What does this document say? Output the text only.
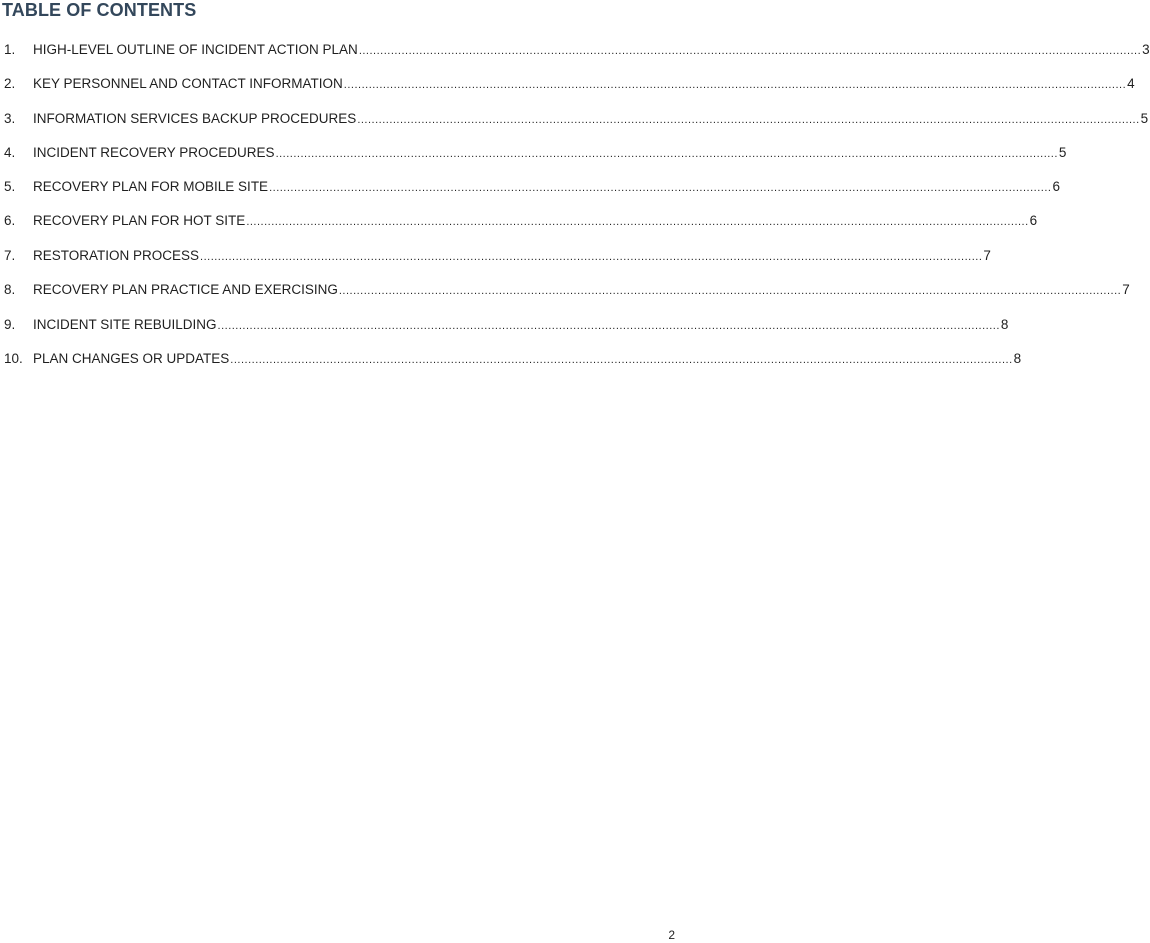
TABLE OF CONTENTS
1.	HIGH-LEVEL OUTLINE OF INCIDENT ACTION PLAN ............................................................................................................................................................................................................................ 3
2.	KEY PERSONNEL AND CONTACT INFORMATION ............................................................................................................................................................................................................................ 4
3.	INFORMATION SERVICES BACKUP PROCEDURES ............................................................................................................................................................................................................................ 5
4.	INCIDENT RECOVERY PROCEDURES ............................................................................................................................................................................................................................ 5
5.	RECOVERY PLAN FOR MOBILE SITE ............................................................................................................................................................................................................................ 6
6.	RECOVERY PLAN FOR HOT SITE ............................................................................................................................................................................................................................ 6
7.	RESTORATION PROCESS ............................................................................................................................................................................................................................ 7
8.	RECOVERY PLAN PRACTICE AND EXERCISING ............................................................................................................................................................................................................................ 7
9.	INCIDENT SITE REBUILDING ............................................................................................................................................................................................................................ 8
10. PLAN CHANGES OR UPDATES ............................................................................................................................................................................................................................ 8
2
